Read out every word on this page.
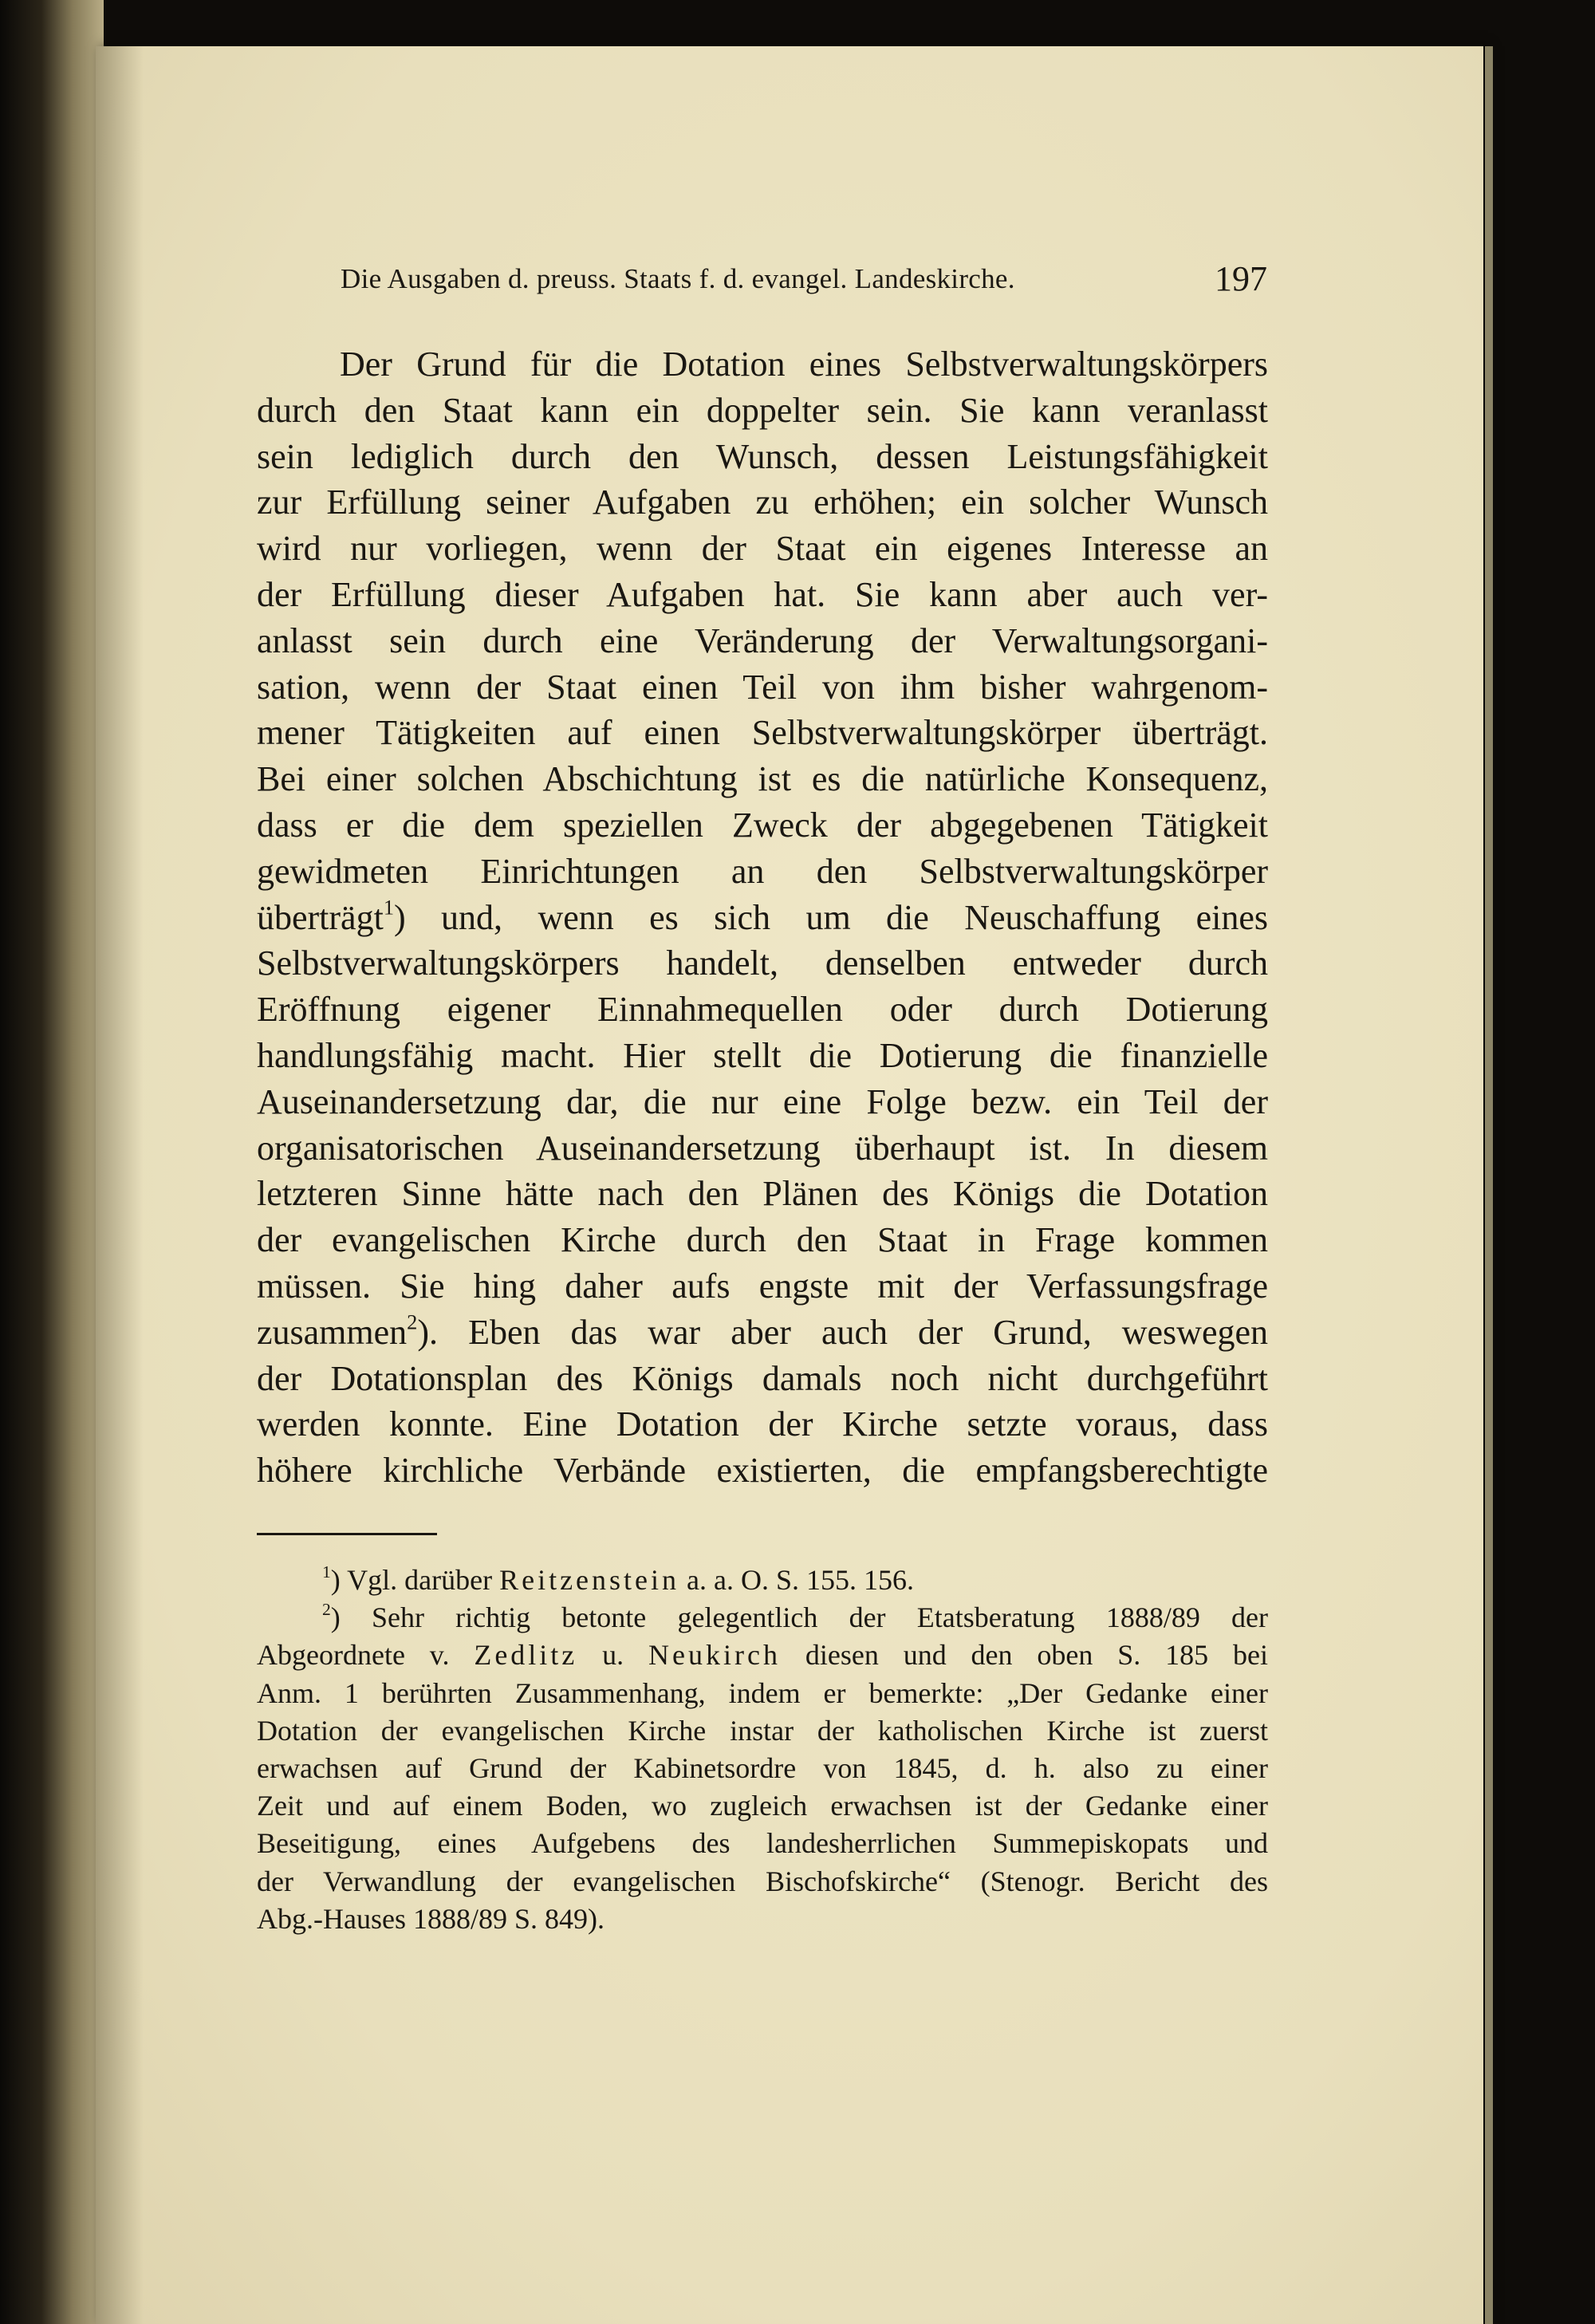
Die Ausgaben d. preuss. Staats f. d. evangel. Landeskirche.	197
Der Grund für die Dotation eines Selbstverwaltungskörpers
durch den Staat kann ein doppelter sein. Sie kann veranlasst
sein lediglich durch den Wunsch, dessen Leistungsfähigkeit
zur Erfüllung seiner Aufgaben zu erhöhen; ein solcher Wunsch
wird nur vorliegen, wenn der Staat ein eigenes Interesse an
der Erfüllung dieser Aufgaben hat. Sie kann aber auch ver-
anlasst sein durch eine Veränderung der Verwaltungsorgani-
sation, wenn der Staat einen Teil von ihm bisher wahrgenom-
mener Tätigkeiten auf einen Selbstverwaltungskörper überträgt.
Bei einer solchen Abschichtung ist es die natürliche Konsequenz,
dass er die dem speziellen Zweck der abgegebenen Tätigkeit
gewidmeten Einrichtungen an den Selbstverwaltungskörper
überträgt$^1$) und, wenn es sich um die Neuschaffung eines
Selbstverwaltungskörpers handelt, denselben entweder durch
Eröffnung eigener Einnahmequellen oder durch Dotierung
handlungsfähig macht. Hier stellt die Dotierung die finanzielle
Auseinandersetzung dar, die nur eine Folge bezw. ein Teil der
organisatorischen Auseinandersetzung überhaupt ist. In diesem
letzteren Sinne hätte nach den Plänen des Königs die Dotation
der evangelischen Kirche durch den Staat in Frage kommen
müssen. Sie hing daher aufs engste mit der Verfassungsfrage
zusammen$^2$). Eben das war aber auch der Grund, weswegen
der Dotationsplan des Königs damals noch nicht durchgeführt
werden konnte. Eine Dotation der Kirche setzte voraus, dass
höhere kirchliche Verbände existierten, die empfangsberechtigte
$^1$) Vgl. darüber Reitzenstein a. a. O. S. 155. 156.
$^2$) Sehr richtig betonte gelegentlich der Etatsberatung 1888/89 der
Abgeordnete v. Zedlitz u. Neukirch diesen und den oben S. 185 bei
Anm. 1 berührten Zusammenhang, indem er bemerkte: „Der Gedanke einer
Dotation der evangelischen Kirche instar der katholischen Kirche ist zuerst
erwachsen auf Grund der Kabinetsordre von 1845, d. h. also zu einer
Zeit und auf einem Boden, wo zugleich erwachsen ist der Gedanke einer
Beseitigung, eines Aufgebens des landesherrlichen Summepiskopats und
der Verwandlung der evangelischen Bischofskirche“ (Stenogr. Bericht des
Abg.-Hauses 1888/89 S. 849).
